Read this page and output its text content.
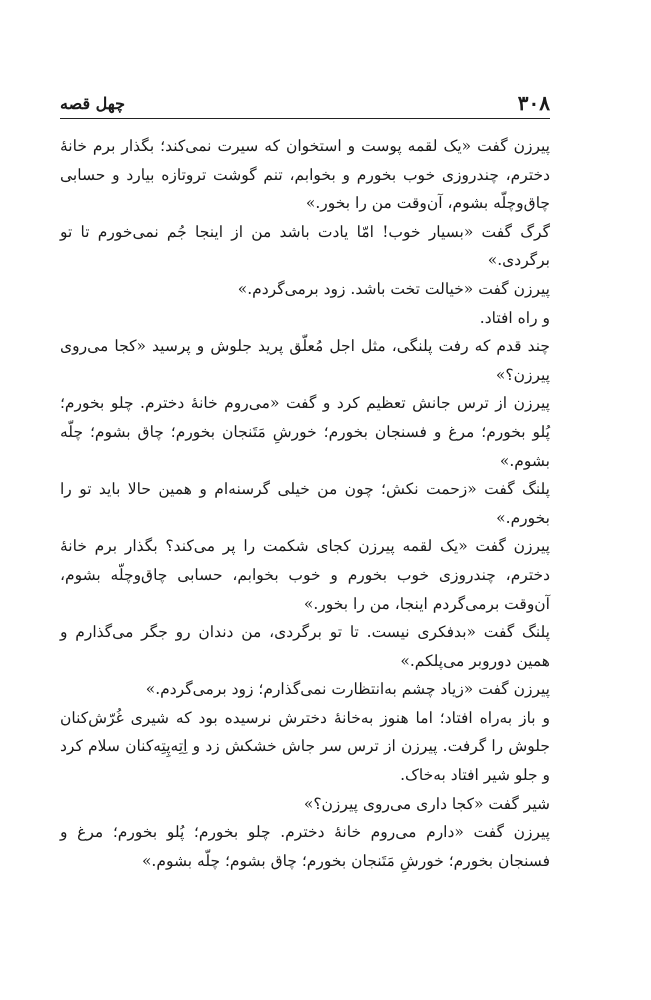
۳۰۸
چهل قصه

پیرزن گفت «یک لقمه پوست و استخوان که سیرت نمی‌کند؛ بگذار برم خانهٔ دخترم، چندروزی خوب بخورم و بخوابم، تنم گوشت تروتازه بیارد و حسابی چاق‌وچلّه بشوم، آن‌وقت من را بخور.»

گرگ گفت «بسیار خوب! امّا یادت باشد من از اینجا جُم نمی‌خورم تا تو برگردی.»

پیرزن گفت «خیالت تخت باشد. زود برمی‌گردم.»

و راه افتاد.

چند قدم که رفت پلنگی، مثل اجل مُعلّق پرید جلوش و پرسید «کجا می‌روی پیرزن؟»

پیرزن از ترس جانش تعظیم کرد و گفت «می‌روم خانهٔ دخترم. چلو بخورم؛ پُلو بخورم؛ مرغ و فسنجان بخورم؛ خورشِ مَتَنجان بخورم؛ چاق بشوم؛ چلّه بشوم.»

پلنگ گفت «زحمت نکش؛ چون من خیلی گرسنه‌ام و همین حالا باید تو را بخورم.»

پیرزن گفت «یک لقمه پیرزن کجای شکمت را پر می‌کند؟ بگذار برم خانهٔ دخترم، چندروزی خوب بخورم و خوب بخوابم، حسابی چاق‌وچلّه بشوم، آن‌وقت برمی‌گردم اینجا، من را بخور.»

پلنگ گفت «بدفکری نیست. تا تو برگردی، من دندان رو جگر می‌گذارم و همین دوروبر می‌پلکم.»

پیرزن گفت «زیاد چشم به‌انتظارت نمی‌گذارم؛ زود برمی‌گردم.»

و باز به‌راه افتاد؛ اما هنوز به‌خانهٔ دخترش نرسیده بود که شیری غُرّش‌کنان جلوش را گرفت. پیرزن از ترس سر جاش خشکش زد و اِتِه‌پِتِه‌کنان سلام کرد و جلو شیر افتاد به‌خاک.

شیر گفت «کجا داری می‌روی پیرزن؟»

پیرزن گفت «دارم می‌روم خانهٔ دخترم. چلو بخورم؛ پُلو بخورم؛ مرغ و فسنجان بخورم؛ خورشِ مَتَنجان بخورم؛ چاق بشوم؛ چلّه بشوم.»
